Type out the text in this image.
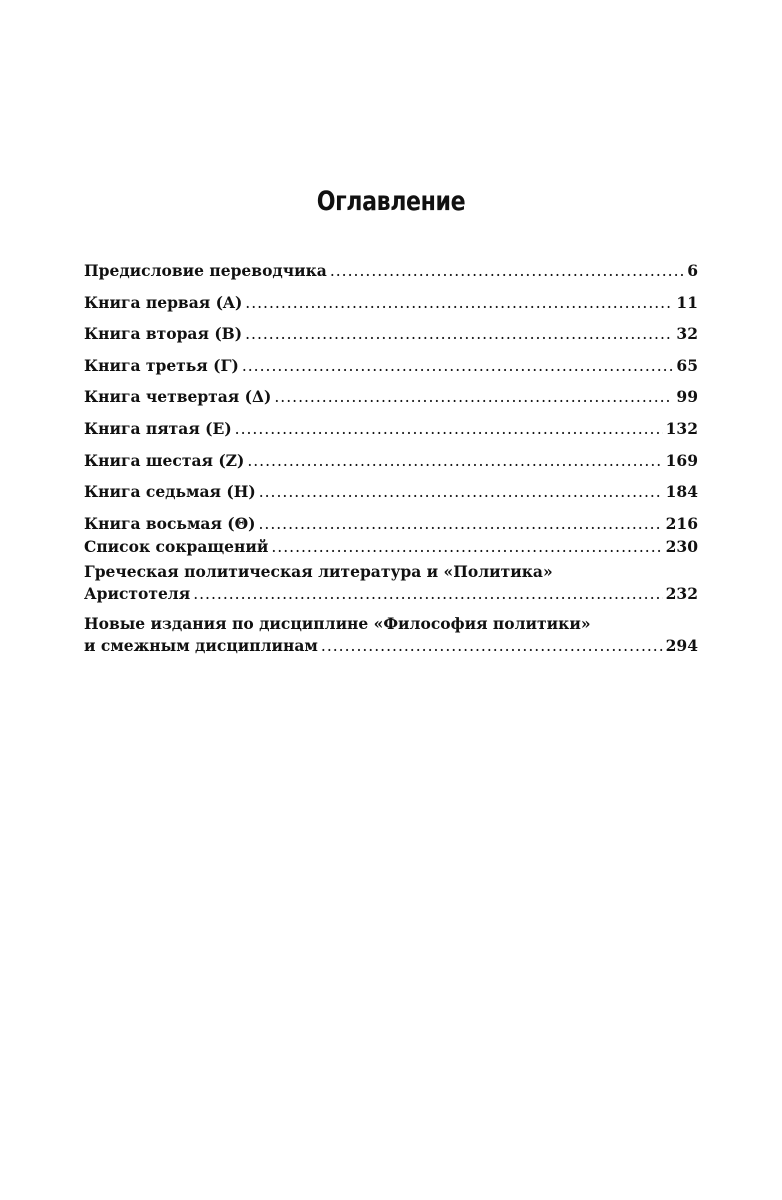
Оглавление
Предисловие переводчика .....	6
Книга первая (Α) .....	11
Книга вторая (Β) .....	32
Книга третья (Γ) .....	65
Книга четвертая (Δ) .....	99
Книга пятая (Ε) .....	132
Книга шестая (Ζ) .....	169
Книга седьмая (Η) .....	184
Книга восьмая (Θ) .....	216
Список сокращений .....	230
Греческая политическая литература и «Политика»
Аристотеля .....	232
Новые издания по дисциплине «Философия политики»
и смежным дисциплинам .....	294
